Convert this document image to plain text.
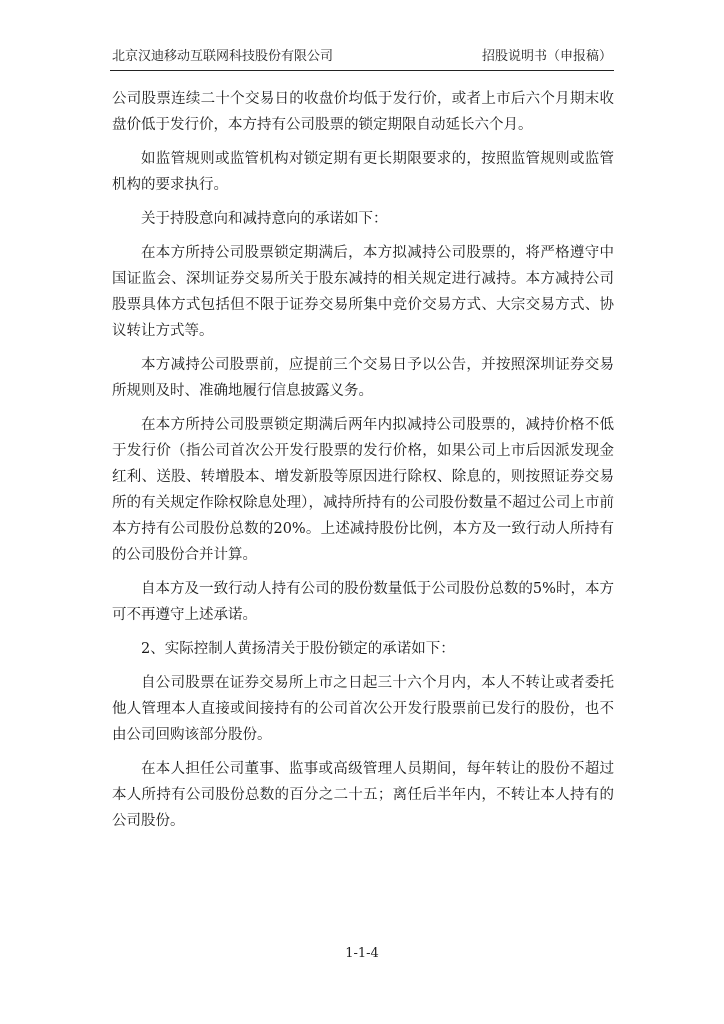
北京汉迪移动互联网科技股份有限公司	招股说明书（申报稿）

公司股票连续二十个交易日的收盘价均低于发行价，或者上市后六个月期末收盘价低于发行价，本方持有公司股票的锁定期限自动延长六个月。

如监管规则或监管机构对锁定期有更长期限要求的，按照监管规则或监管机构的要求执行。

关于持股意向和减持意向的承诺如下：

在本方所持公司股票锁定期满后，本方拟减持公司股票的，将严格遵守中国证监会、深圳证券交易所关于股东减持的相关规定进行减持。本方减持公司股票具体方式包括但不限于证券交易所集中竞价交易方式、大宗交易方式、协议转让方式等。

本方减持公司股票前，应提前三个交易日予以公告，并按照深圳证券交易所规则及时、准确地履行信息披露义务。

在本方所持公司股票锁定期满后两年内拟减持公司股票的，减持价格不低于发行价（指公司首次公开发行股票的发行价格，如果公司上市后因派发现金红利、送股、转增股本、增发新股等原因进行除权、除息的，则按照证券交易所的有关规定作除权除息处理），减持所持有的公司股份数量不超过公司上市前本方持有公司股份总数的20%。上述减持股份比例，本方及一致行动人所持有的公司股份合并计算。

自本方及一致行动人持有公司的股份数量低于公司股份总数的5%时，本方可不再遵守上述承诺。

2、实际控制人黄扬清关于股份锁定的承诺如下：

自公司股票在证券交易所上市之日起三十六个月内，本人不转让或者委托他人管理本人直接或间接持有的公司首次公开发行股票前已发行的股份，也不由公司回购该部分股份。

在本人担任公司董事、监事或高级管理人员期间，每年转让的股份不超过本人所持有公司股份总数的百分之二十五；离任后半年内，不转让本人持有的公司股份。

1-1-4
